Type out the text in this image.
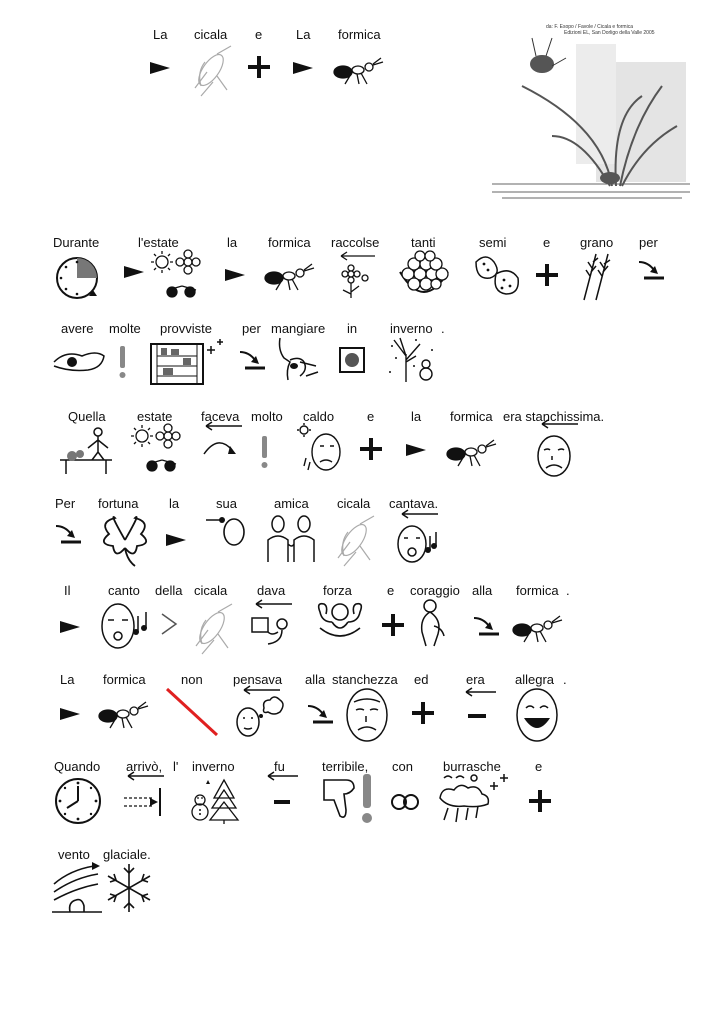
La cicala e	La formica	da: F. Esopo / Favole / Cicala e formica
Edizioni EL, San Dorligo della Valle 2005
Durante	l'estate	la formica raccolse tanti	semi	e grano per
avere molte provviste per mangiare in	inverno .
Quella estate faceva molto caldo	e	la formica era stanchissima.
Per fortuna la	sua	amica cicala cantava.
Il	canto della cicala dava	forza	e coraggio alla formica .
La formica	non pensava alla stanchezza ed	era allegra .
Quando arrivò, l' inverno	fu	terribile, con burrasche	e
vento glaciale.
